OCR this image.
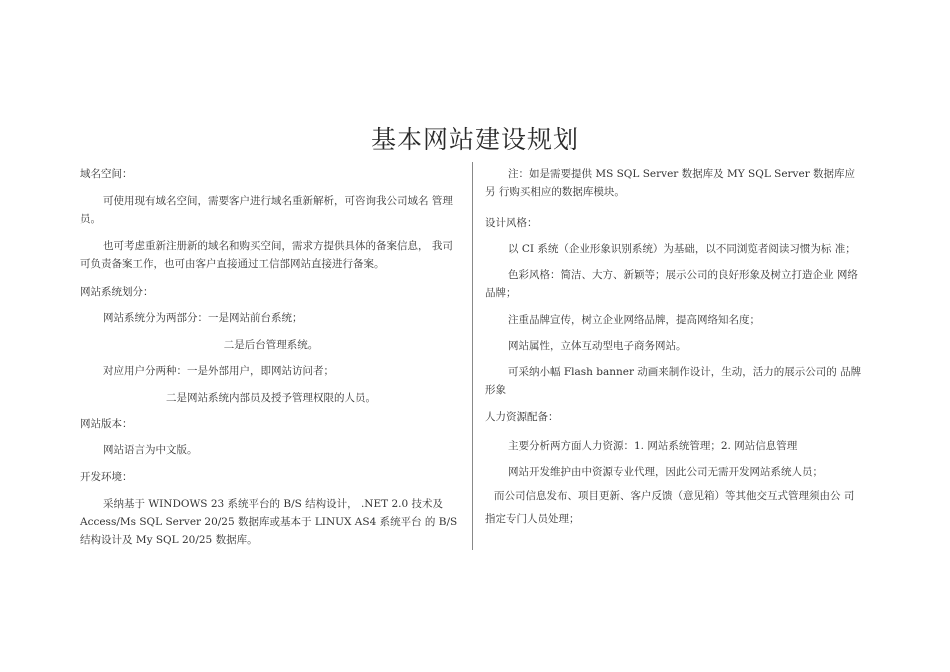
基本网站建设规划

域名空间：

可使用现有域名空间，需要客户进行域名重新解析，可咨询我公司域名 管理员。

也可考虑重新注册新的域名和购买空间，需求方提供具体的备案信息， 我司可负责备案工作，也可由客户直接通过工信部网站直接进行备案。

网站系统划分：

网站系统分为两部分：一是网站前台系统；

二是后台管理系统。

对应用户分两种：一是外部用户，即网站访问者；

二是网站系统内部员及授予管理权限的人员。

网站版本：

网站语言为中文版。

开发环境：

采纳基于 WINDOWS 23 系统平台的 B/S 结构设计， .NET 2.0 技术及 Access/Ms SQL Server 20/25 数据库或基本于 LINUX AS4 系统平台 的 B/S 结构设计及 My SQL 20/25 数据库。

注：如是需要提供 MS SQL Server 数据库及 MY SQL Server 数据库应另 行购买相应的数据库模块。

设计风格：

以 CI 系统（企业形象识别系统）为基础，以不同浏览者阅读习惯为标 准；

色彩风格：简洁、大方、新颖等；展示公司的良好形象及树立打造企业 网络品牌；

注重品牌宣传，树立企业网络品牌，提高网络知名度；

网站属性，立体互动型电子商务网站。

可采纳小幅 Flash banner 动画来制作设计，生动，活力的展示公司的 品牌形象

人力资源配备：

主要分析两方面人力资源：1. 网站系统管理；2. 网站信息管理

网站开发维护由中资源专业代理，因此公司无需开发网站系统人员；

而公司信息发布、项目更新、客户反馈（意见箱）等其他交互式管理须由公 司

指定专门人员处理；
